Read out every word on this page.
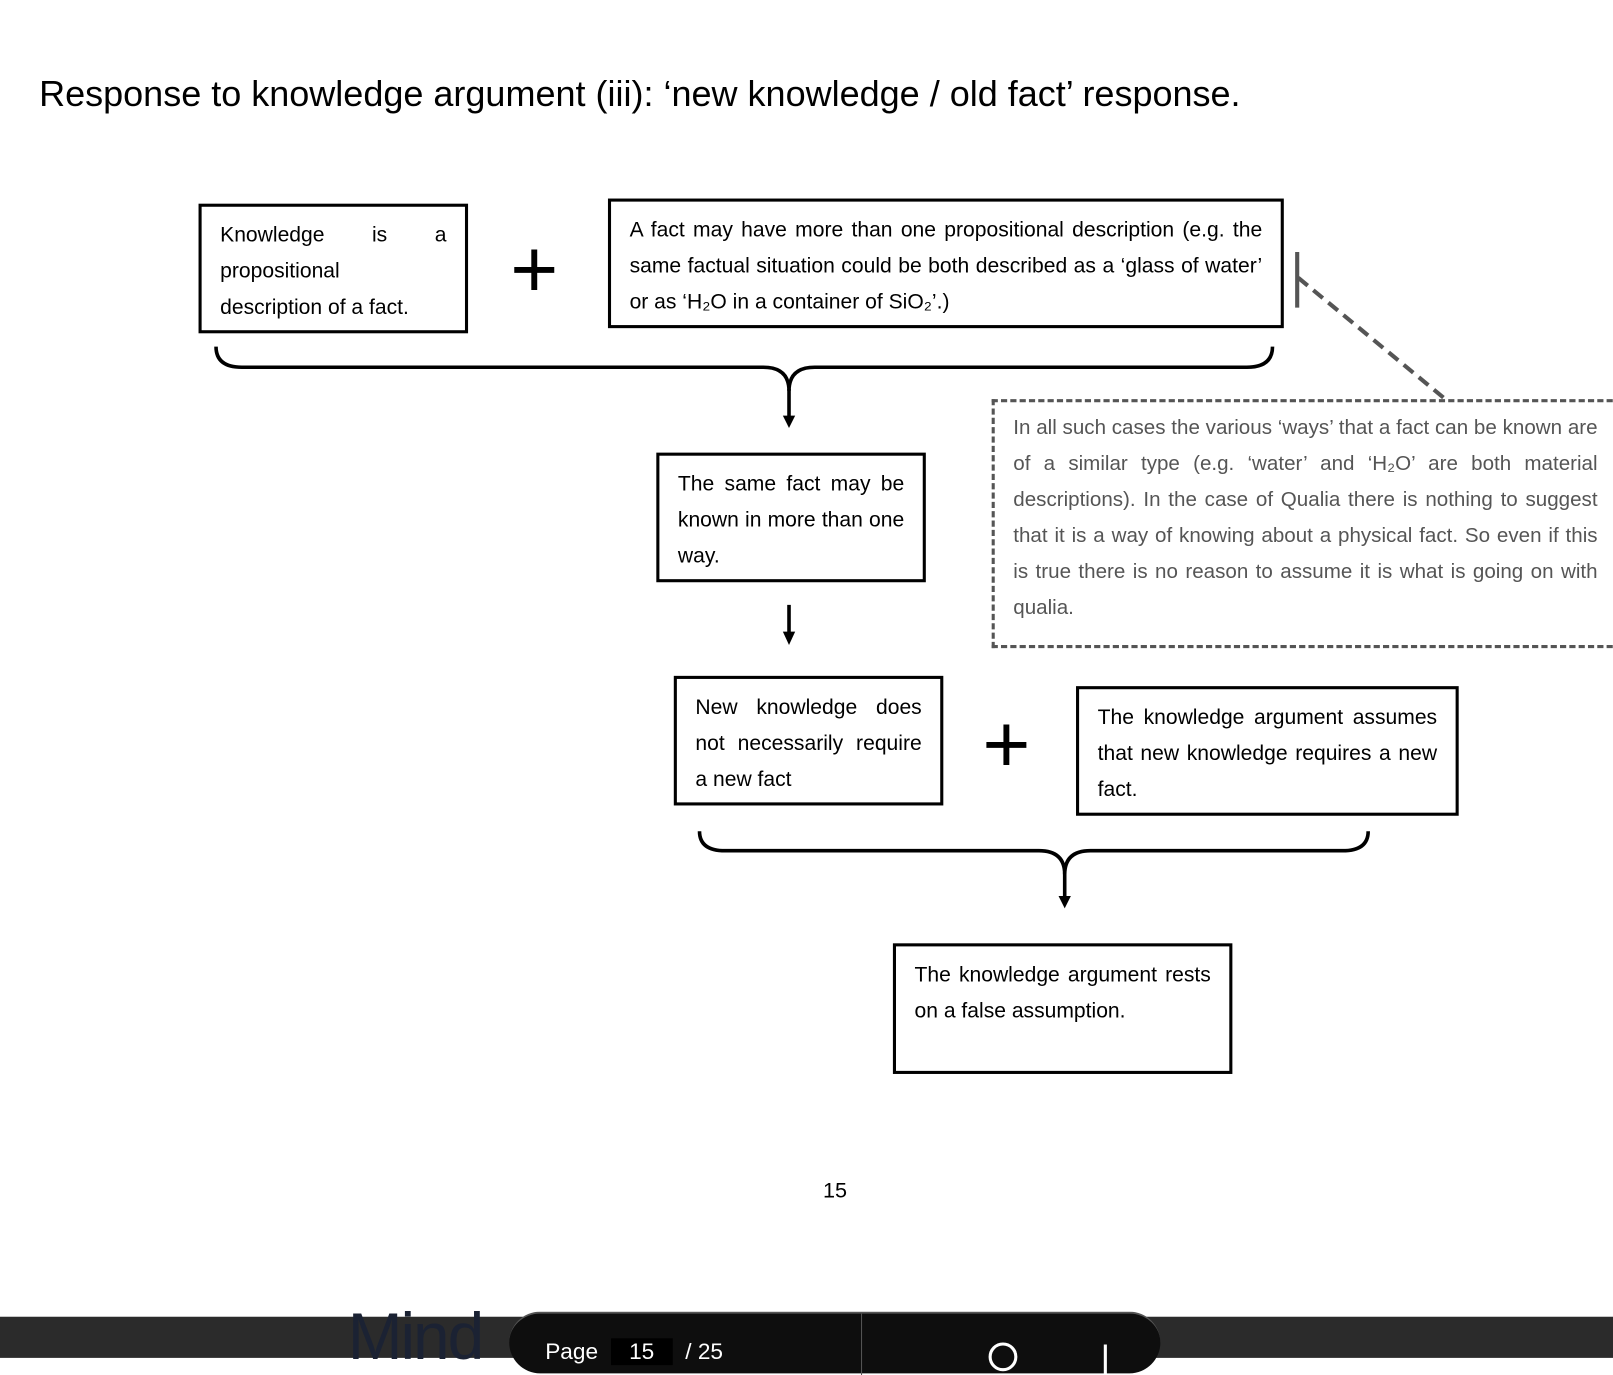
Response to knowledge argument (iii): ‘new knowledge / old fact’ response.
Knowledge is a propositional description of a fact.	+	A fact may have more than one propositional description (e.g. the same factual situation could be both described as a ‘glass of water’ or as ‘H₂O in a container of SiO₂’.)
The same fact may be known in more than one way.
In all such cases the various ‘ways’ that a fact can be known are of a similar type (e.g. ‘water’ and ‘H₂O’ are both material descriptions). In the case of Qualia there is nothing to suggest that it is a way of knowing about a physical fact. So even if this is true there is no reason to assume it is what is going on with qualia.
New knowledge does not necessarily require a new fact	+	The knowledge argument assumes that new knowledge requires a new fact.
The knowledge argument rests on a false assumption.
15
Mind	Page 15 / 25
